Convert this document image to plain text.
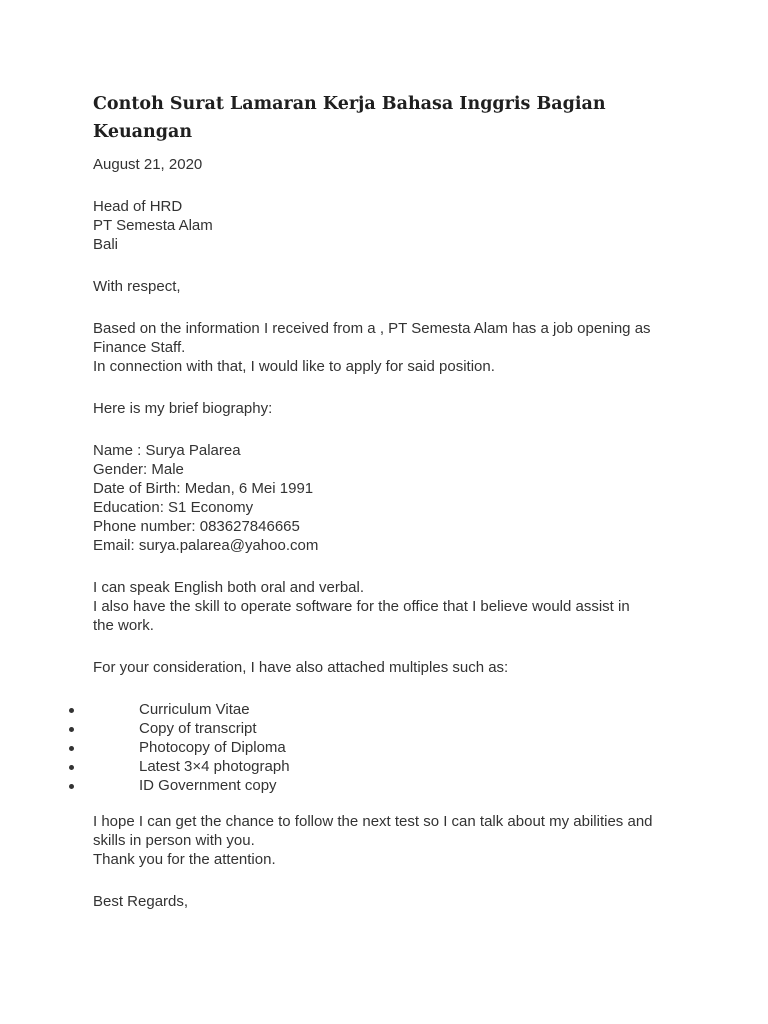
Contoh Surat Lamaran Kerja Bahasa Inggris Bagian Keuangan

August 21, 2020

Head of HRD
PT Semesta Alam
Bali

With respect,

Based on the information I received from a , PT Semesta Alam has a job opening as
Finance Staff.
In connection with that, I would like to apply for said position.

Here is my brief biography:

Name : Surya Palarea
Gender: Male
Date of Birth: Medan, 6 Mei 1991
Education: S1 Economy
Phone number: 083627846665
Email: surya.palarea@yahoo.com
I can speak English both oral and verbal.
I also have the skill to operate software for the office that I believe would assist in
the work.

For your consideration, I have also attached multiples such as:

Curriculum Vitae
Copy of transcript
Photocopy of Diploma
Latest 3×4 photograph
ID Government copy
I hope I can get the chance to follow the next test so I can talk about my abilities and
skills in person with you.
Thank you for the attention.

Best Regards,
